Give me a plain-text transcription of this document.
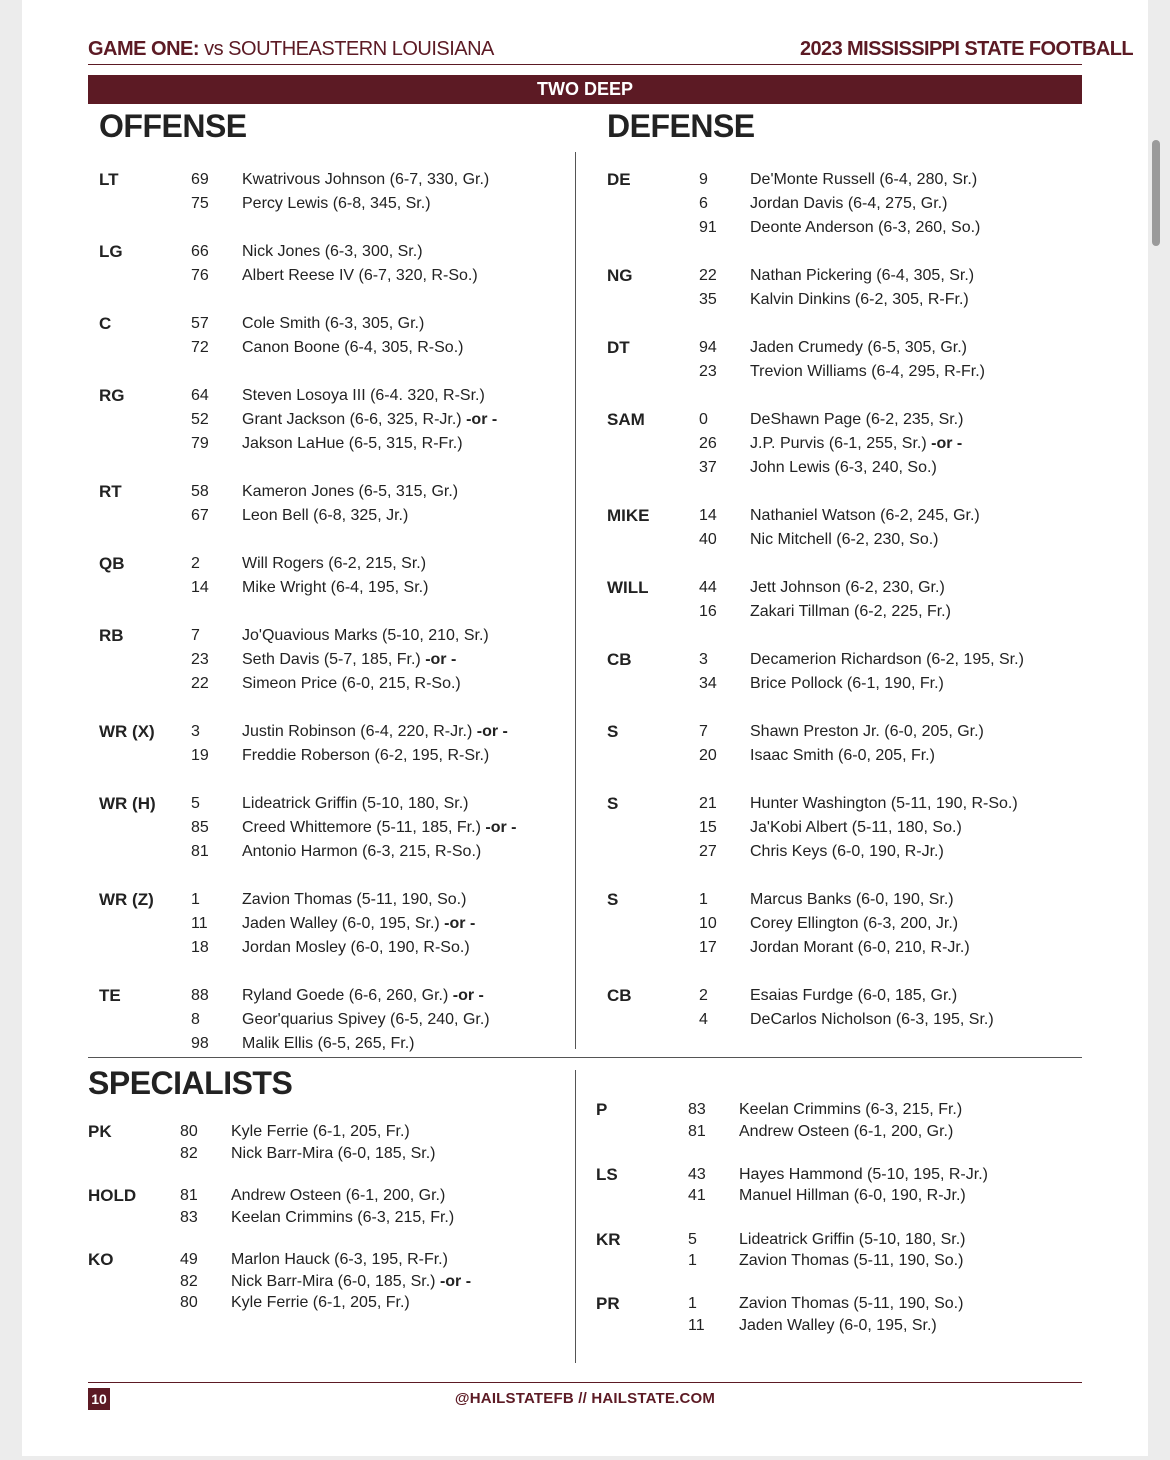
GAME ONE: vs SOUTHEASTERN LOUISIANA	2023 MISSISSIPPI STATE FOOTBALL
TWO DEEP
OFFENSE	DEFENSE
SPECIALISTS
LT	69 Kwatrivous Johnson (6-7, 330, Gr.)
75 Percy Lewis (6-8, 345, Sr.)
LG	66 Nick Jones (6-3, 300, Sr.)
76 Albert Reese IV (6-7, 320, R-So.)
C	57 Cole Smith (6-3, 305, Gr.)
72 Canon Boone (6-4, 305, R-So.)
RG	64 Steven Losoya III (6-4. 320, R-Sr.)
52 Grant Jackson (6-6, 325, R-Jr.) -or -
79 Jakson LaHue (6-5, 315, R-Fr.)
RT	58 Kameron Jones (6-5, 315, Gr.)
67 Leon Bell (6-8, 325, Jr.)
QB	2	Will Rogers (6-2, 215, Sr.)
14 Mike Wright (6-4, 195, Sr.)
RB	7	Jo'Quavious Marks (5-10, 210, Sr.)
23 Seth Davis (5-7, 185, Fr.) -or -
22 Simeon Price (6-0, 215, R-So.)
WR (X) 3	Justin Robinson (6-4, 220, R-Jr.) -or -
19 Freddie Roberson (6-2, 195, R-Sr.)
WR (H) 5	Lideatrick Griffin (5-10, 180, Sr.)
85 Creed Whittemore (5-11, 185, Fr.) -or -
81 Antonio Harmon (6-3, 215, R-So.)
WR (Z) 1	Zavion Thomas (5-11, 190, So.)
11 Jaden Walley (6-0, 195, Sr.) -or -
18 Jordan Mosley (6-0, 190, R-So.)
TE	88 Ryland Goede (6-6, 260, Gr.) -or -
8	Geor'quarius Spivey (6-5, 240, Gr.)
98 Malik Ellis (6-5, 265, Fr.)
DE	9	De'Monte Russell (6-4, 280, Sr.)
6	Jordan Davis (6-4, 275, Gr.)
91 Deonte Anderson (6-3, 260, So.)
NG	22 Nathan Pickering (6-4, 305, Sr.)
35 Kalvin Dinkins (6-2, 305, R-Fr.)
DT	94 Jaden Crumedy (6-5, 305, Gr.)
23 Trevion Williams (6-4, 295, R-Fr.)
SAM	0	DeShawn Page (6-2, 235, Sr.)
26 J.P. Purvis (6-1, 255, Sr.) -or -
37 John Lewis (6-3, 240, So.)
MIKE	14 Nathaniel Watson (6-2, 245, Gr.)
40 Nic Mitchell (6-2, 230, So.)
WILL	44 Jett Johnson (6-2, 230, Gr.)
16 Zakari Tillman (6-2, 225, Fr.)
CB	3	Decamerion Richardson (6-2, 195, Sr.)
34 Brice Pollock (6-1, 190, Fr.)
S	7	Shawn Preston Jr. (6-0, 205, Gr.)
20 Isaac Smith (6-0, 205, Fr.)
S	21 Hunter Washington (5-11, 190, R-So.)
15 Ja'Kobi Albert (5-11, 180, So.)
27 Chris Keys (6-0, 190, R-Jr.)
S	1	Marcus Banks (6-0, 190, Sr.)
10 Corey Ellington (6-3, 200, Jr.)
17 Jordan Morant (6-0, 210, R-Jr.)
CB	2	Esaias Furdge (6-0, 185, Gr.)
4	DeCarlos Nicholson (6-3, 195, Sr.)
PK	80 Kyle Ferrie (6-1, 205, Fr.)
82 Nick Barr-Mira (6-0, 185, Sr.)
HOLD	81 Andrew Osteen (6-1, 200, Gr.)
83 Keelan Crimmins (6-3, 215, Fr.)
KO	49 Marlon Hauck (6-3, 195, R-Fr.)
82 Nick Barr-Mira (6-0, 185, Sr.) -or -
80 Kyle Ferrie (6-1, 205, Fr.)
P	83 Keelan Crimmins (6-3, 215, Fr.)
81 Andrew Osteen (6-1, 200, Gr.)
LS	43 Hayes Hammond (5-10, 195, R-Jr.)
41 Manuel Hillman (6-0, 190, R-Jr.)
KR	5	Lideatrick Griffin (5-10, 180, Sr.)
1	Zavion Thomas (5-11, 190, So.)
PR	1	Zavion Thomas (5-11, 190, So.)
11 Jaden Walley (6-0, 195, Sr.)
10	@HAILSTATEFB // HAILSTATE.COM
